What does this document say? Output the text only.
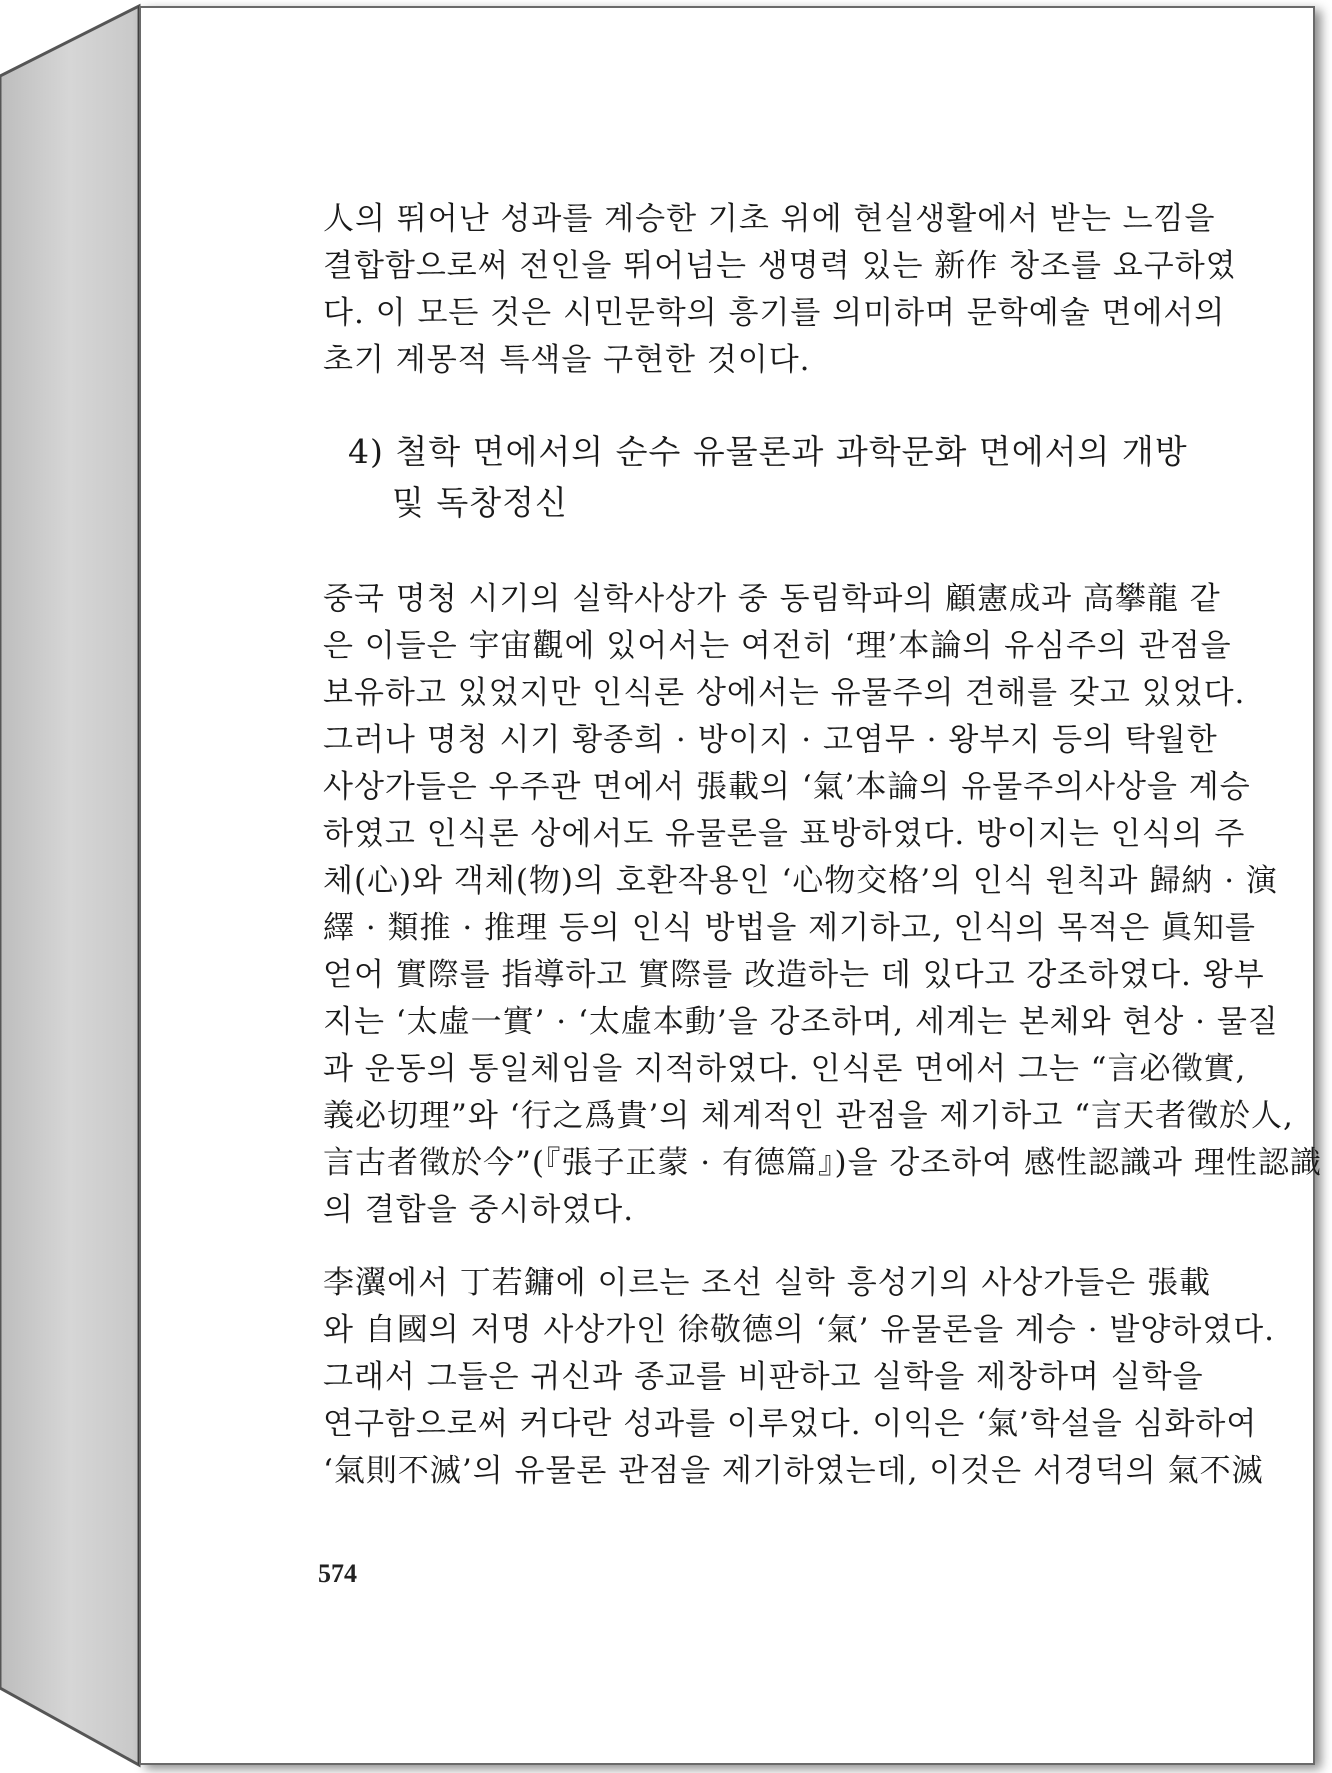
人의 뛰어난 성과를 계승한 기초 위에 현실생활에서 받는 느낌을
결합함으로써 전인을 뛰어넘는 생명력 있는 新作 창조를 요구하였
다. 이 모든 것은 시민문학의 흥기를 의미하며 문학예술 면에서의
초기 계몽적 특색을 구현한 것이다.
4) 철학 면에서의 순수 유물론과 과학문화 면에서의 개방
및 독창정신
중국 명청 시기의 실학사상가 중 동림학파의 顧憲成과 高攀龍 같
은 이들은 宇宙觀에 있어서는 여전히 ‘理’本論의 유심주의 관점을
보유하고 있었지만 인식론 상에서는 유물주의 견해를 갖고 있었다.
그러나 명청 시기 황종희 · 방이지 · 고염무 · 왕부지 등의 탁월한
사상가들은 우주관 면에서 張載의 ‘氣’本論의 유물주의사상을 계승
하였고 인식론 상에서도 유물론을 표방하였다. 방이지는 인식의 주
체(心)와 객체(物)의 호환작용인 ‘心物交格’의 인식 원칙과 歸納 · 演
繹 · 類推 · 推理 등의 인식 방법을 제기하고, 인식의 목적은 眞知를
얻어 實際를 指導하고 實際를 改造하는 데 있다고 강조하였다. 왕부
지는 ‘太虛一實’ · ‘太虛本動’을 강조하며, 세계는 본체와 현상 · 물질
과 운동의 통일체임을 지적하였다. 인식론 면에서 그는 “言必徵實,
義必切理”와 ‘行之爲貴’의 체계적인 관점을 제기하고 “言天者徵於人,
言古者徵於今”(『張子正蒙 · 有德篇』)을 강조하여 感性認識과 理性認識
의 결합을 중시하였다.
李瀷에서 丁若鏞에 이르는 조선 실학 흥성기의 사상가들은 張載
와 自國의 저명 사상가인 徐敬德의 ‘氣’ 유물론을 계승 · 발양하였다.
그래서 그들은 귀신과 종교를 비판하고 실학을 제창하며 실학을
연구함으로써 커다란 성과를 이루었다. 이익은 ‘氣’학설을 심화하여
‘氣則不滅’의 유물론 관점을 제기하였는데, 이것은 서경덕의 氣不滅
574
